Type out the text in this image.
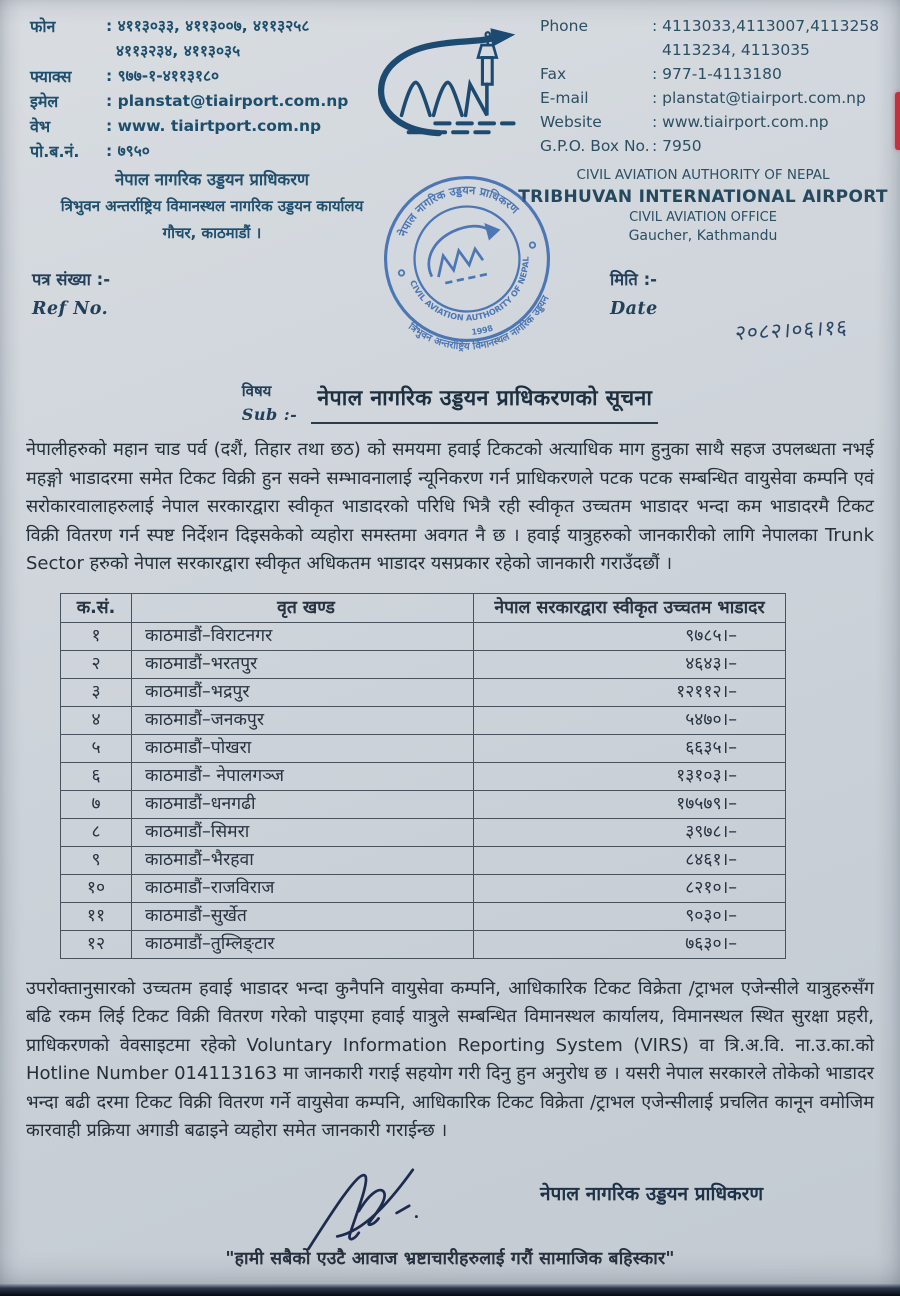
फोन	: ४११३०३३, ४११३००७, ४११३२५८
४११३२३४, ४११३०३५
फ्याक्स	: ९७७-१-४११३१८०
इमेल	: planstat@tiairport.com.np
वेभ	: www. tiairtport.com.np
पो.ब.नं.	: ७९५०
Phone	: 4113033,4113007,4113258
4113234, 4113035
Fax	: 977-1-4113180
E-mail	: planstat@tiairport.com.np
Website	: www.tiairport.com.np
G.P.O. Box No. : 7950
नेपाल नागरिक उड्डयन प्राधिकरण
त्रिभुवन अन्तर्राष्ट्रिय विमानस्थल नागरिक उड्डयन कार्यालय
गौचर, काठमाडौं ।
CIVIL AVIATION AUTHORITY OF NEPAL
TRIBHUVAN INTERNATIONAL AIRPORT
CIVIL AVIATION OFFICE
Gaucher, Kathmandu
पत्र संख्या :-
Ref No.
मिति :-
Date
२०८२।०६।१६
नेपाल नागरिक उड्डयन प्राधिकरण
CIVIL AVIATION AUTHORITY OF NEPAL
1998
त्रिभुवन अन्तर्राष्ट्रिय विमानस्थल नागरिक उड्डयन
विषय
Sub :-
नेपाल नागरिक उड्डयन प्राधिकरणको सूचना

नेपालीहरुको महान चाड पर्व (दशैं, तिहार तथा छठ) को समयमा हवाई टिकटको अत्याधिक माग हुनुका साथै सहज उपलब्धता नभई महङ्गो भाडादरमा समेत टिकट विक्री हुन सक्ने सम्भावनालाई न्यूनिकरण गर्न प्राधिकरणले पटक पटक सम्बन्धित वायुसेवा कम्पनि एवं सरोकारवालाहरुलाई नेपाल सरकारद्वारा स्वीकृत भाडादरको परिधि भित्रै रही स्वीकृत उच्चतम भाडादर भन्दा कम भाडादरमै टिकट विक्री वितरण गर्न स्पष्ट निर्देशन दिइसकेको व्यहोरा समस्तमा अवगत नै छ । हवाई यात्रुहरुको जानकारीको लागि नेपालका Trunk Sector हरुको नेपाल सरकारद्वारा स्वीकृत अधिकतम भाडादर यसप्रकार रहेको जानकारी गराउँदछौं ।

क.सं.	वृत खण्ड	नेपाल सरकारद्वारा स्वीकृत उच्चतम भाडादर
१	काठमाडौं–विराटनगर	९७८५।–
२	काठमाडौं–भरतपुर	४६४३।–
३	काठमाडौं–भद्रपुर	१२११२।–
४	काठमाडौं–जनकपुर	५४७०।–
५	काठमाडौं–पोखरा	६६३५।–
६	काठमाडौं– नेपालगञ्ज	१३१०३।–
७	काठमाडौं–धनगढी	१७५७९।–
८	काठमाडौं–सिमरा	३९७८।–
९	काठमाडौं–भैरहवा	८४६१।–
१०	काठमाडौं–राजविराज	८२१०।–
११	काठमाडौं–सुर्खेत	९०३०।–
१२	काठमाडौं–तुम्लिङ्टार	७६३०।–

उपरोक्तानुसारको उच्चतम हवाई भाडादर भन्दा कुनैपनि वायुसेवा कम्पनि, आधिकारिक टिकट विक्रेता /ट्राभल एजेन्सीले यात्रुहरुसँग बढि रकम लिई टिकट विक्री वितरण गरेको पाइएमा हवाई यात्रुले सम्बन्धित विमानस्थल कार्यालय, विमानस्थल स्थित सुरक्षा प्रहरी, प्राधिकरणको वेवसाइटमा रहेको Voluntary Information Reporting System (VIRS) वा त्रि.अ.वि. ना.उ.का.को Hotline Number 014113163 मा जानकारी गराई सहयोग गरी दिनु हुन अनुरोध छ । यसरी नेपाल सरकारले तोकेको भाडादर भन्दा बढी दरमा टिकट विक्री वितरण गर्ने वायुसेवा कम्पनि, आधिकारिक टिकट विक्रेता /ट्राभल एजेन्सीलाई प्रचलित कानून वमोजिम कारवाही प्रक्रिया अगाडी बढाइने व्यहोरा समेत जानकारी गराईन्छ ।

नेपाल नागरिक उड्डयन प्राधिकरण
"हामी सबैको एउटै आवाज भ्रष्टाचारीहरुलाई गरौं सामाजिक बहिस्कार"
